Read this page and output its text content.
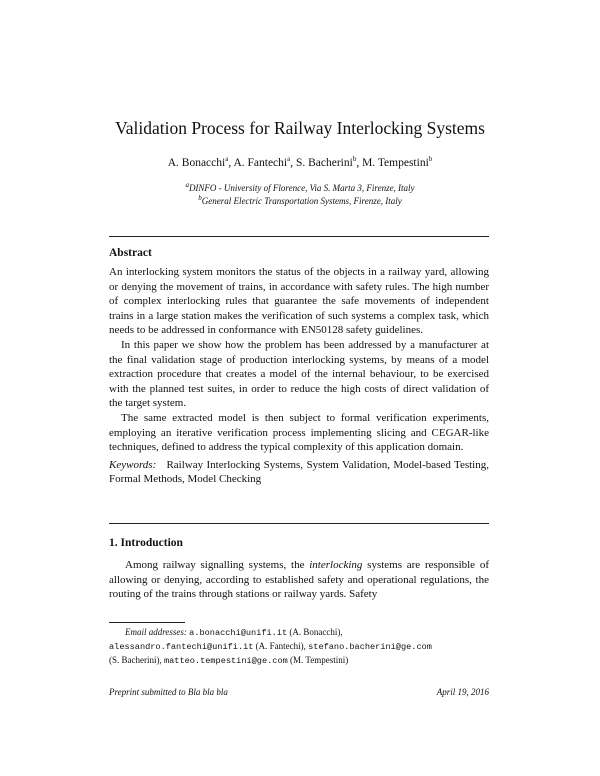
Validation Process for Railway Interlocking Systems
A. Bonacchi$^a$, A. Fantechi$^a$, S. Bacherini$^b$, M. Tempestini$^b$
$^a$DINFO - University of Florence, Via S. Marta 3, Firenze, Italy
$^b$General Electric Transportation Systems, Firenze, Italy
Abstract

An interlocking system monitors the status of the objects in a railway yard, allowing or denying the movement of trains, in accordance with safety rules. The high number of complex interlocking rules that guarantee the safe movements of independent trains in a large station makes the verification of such systems a complex task, which needs to be addressed in conformance with EN50128 safety guidelines.

In this paper we show how the problem has been addressed by a manufacturer at the final validation stage of production interlocking systems, by means of a model extraction procedure that creates a model of the internal behaviour, to be exercised with the planned test suites, in order to reduce the high costs of direct validation of the target system.

The same extracted model is then subject to formal verification experiments, employing an iterative verification process implementing slicing and CEGAR-like techniques, defined to address the typical complexity of this application domain.

Keywords: Railway Interlocking Systems, System Validation, Model-based Testing, Formal Methods, Model Checking

1. Introduction

Among railway signalling systems, the interlocking systems are responsible of allowing or denying, according to established safety and operational regulations, the routing of the trains through stations or railway yards. Safety

Email addresses: a.bonacchi@unifi.it (A. Bonacchi),
alessandro.fantechi@unifi.it (A. Fantechi), stefano.bacherini@ge.com
(S. Bacherini), matteo.tempestini@ge.com (M. Tempestini)
Preprint submitted to Bla bla bla	April 19, 2016
